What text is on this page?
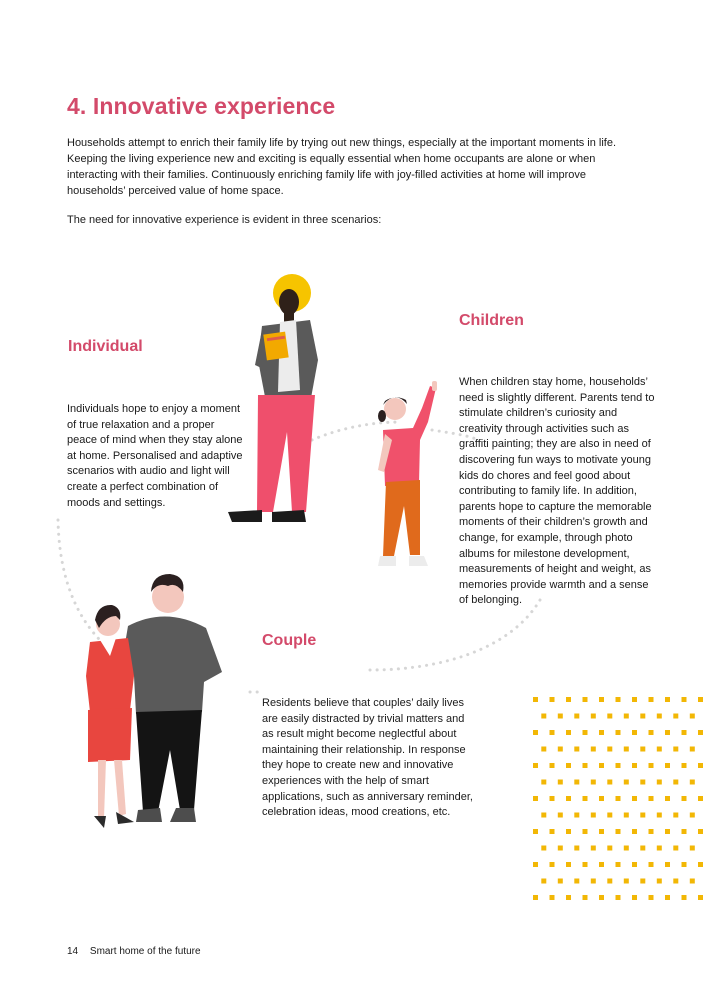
4. Innovative experience

Households attempt to enrich their family life by trying out new things, especially at the important moments in life. Keeping the living experience new and exciting is equally essential when home occupants are alone or when interacting with their families. Continuously enriching family life with joy-filled activities at home will improve households’ perceived value of home space.

The need for innovative experience is evident in three scenarios:

Individual

Individuals hope to enjoy a moment of true relaxation and a proper peace of mind when they stay alone at home. Personalised and adaptive scenarios with audio and light will create a perfect combination of moods and settings.

Children

When children stay home, households’ need is slightly different. Parents tend to stimulate children’s curiosity and creativity through activities such as graffiti painting; they are also in need of discovering fun ways to motivate young kids do chores and feel good about contributing to family life. In addition, parents hope to capture the memorable moments of their children’s growth and change, for example, through photo albums for milestone development, measurements of height and weight, as memories provide warmth and a sense of belonging.

Couple

Residents believe that couples’ daily lives are easily distracted by trivial matters and as result might become neglectful about maintaining their relationship. In response they hope to create new and innovative experiences with the help of smart applications, such as anniversary reminder, celebration ideas, mood creations, etc.

14 Smart home of the future
